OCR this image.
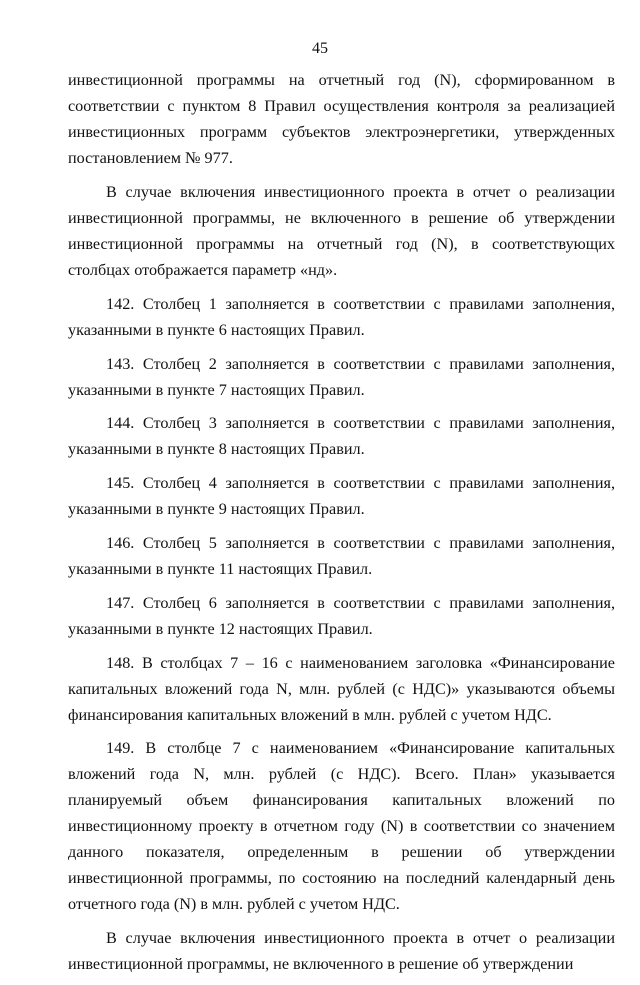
45

инвестиционной программы на отчетный год (N), сформированном в соответствии с пунктом 8 Правил осуществления контроля за реализацией инвестиционных программ субъектов электроэнергетики, утвержденных постановлением № 977.

В случае включения инвестиционного проекта в отчет о реализации инвестиционной программы, не включенного в решение об утверждении инвестиционной программы на отчетный год (N), в соответствующих столбцах отображается параметр «нд».

142. Столбец 1 заполняется в соответствии с правилами заполнения, указанными в пункте 6 настоящих Правил.

143. Столбец 2 заполняется в соответствии с правилами заполнения, указанными в пункте 7 настоящих Правил.

144. Столбец 3 заполняется в соответствии с правилами заполнения, указанными в пункте 8 настоящих Правил.

145. Столбец 4 заполняется в соответствии с правилами заполнения, указанными в пункте 9 настоящих Правил.

146. Столбец 5 заполняется в соответствии с правилами заполнения, указанными в пункте 11 настоящих Правил.

147. Столбец 6 заполняется в соответствии с правилами заполнения, указанными в пункте 12 настоящих Правил.

148. В столбцах 7 – 16 с наименованием заголовка «Финансирование капитальных вложений года N, млн. рублей (с НДС)» указываются объемы финансирования капитальных вложений в млн. рублей с учетом НДС.

149. В столбце 7 с наименованием «Финансирование капитальных вложений года N, млн. рублей (с НДС). Всего. План» указывается планируемый объем финансирования капитальных вложений по инвестиционному проекту в отчетном году (N) в соответствии со значением данного показателя, определенным в решении об утверждении инвестиционной программы, по состоянию на последний календарный день отчетного года (N) в млн. рублей с учетом НДС.

В случае включения инвестиционного проекта в отчет о реализации инвестиционной программы, не включенного в решение об утверждении
